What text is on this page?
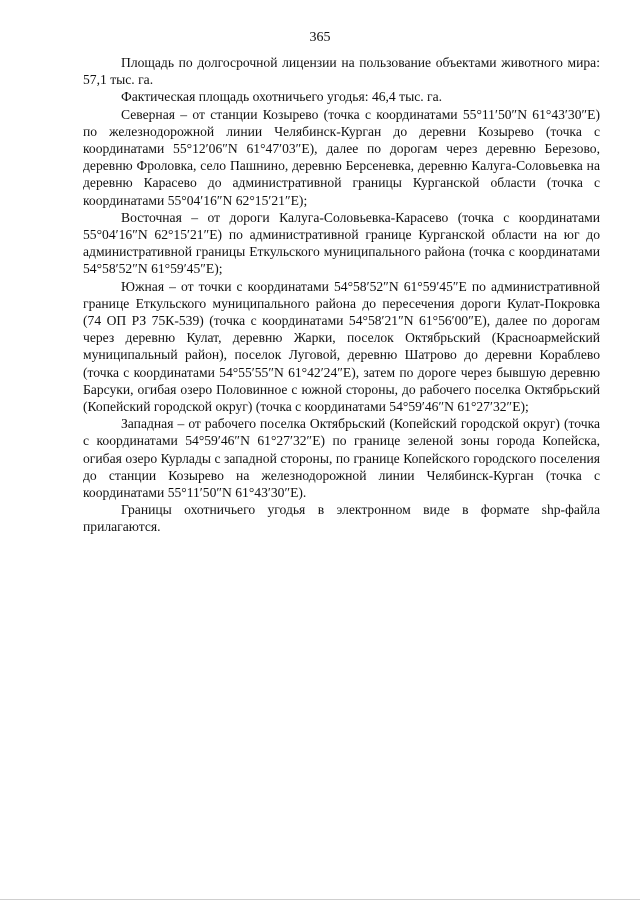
365

Площадь по долгосрочной лицензии на пользование объектами животного мира: 57,1 тыс. га.

Фактическая площадь охотничьего угодья: 46,4 тыс. га.

Северная – от станции Козырево (точка с координатами 55°11′50″N 61°43′30″E) по железнодорожной линии Челябинск-Курган до деревни Козырево (точка с координатами 55°12′06″N 61°47′03″E), далее по дорогам через деревню Березово, деревню Фроловка, село Пашнино, деревню Берсеневка, деревню Калуга-Соловьевка на деревню Карасево до административной границы Курганской области (точка с координатами 55°04′16″N 62°15′21″E);

Восточная – от дороги Калуга-Соловьевка-Карасево (точка с координатами 55°04′16″N 62°15′21″E) по административной границе Курганской области на юг до административной границы Еткульского муниципального района (точка с координатами 54°58′52″N 61°59′45″E);

Южная – от точки с координатами 54°58′52″N 61°59′45″E по административной границе Еткульского муниципального района до пересечения дороги Кулат-Покровка (74 ОП РЗ 75К-539) (точка с координатами 54°58′21″N 61°56′00″E), далее по дорогам через деревню Кулат, деревню Жарки, поселок Октябрьский (Красноармейский муниципальный район), поселок Луговой, деревню Шатрово до деревни Кораблево (точка с координатами 54°55′55″N 61°42′24″E), затем по дороге через бывшую деревню Барсуки, огибая озеро Половинное с южной стороны, до рабочего поселка Октябрьский (Копейский городской округ) (точка с координатами 54°59′46″N 61°27′32″E);

Западная – от рабочего поселка Октябрьский (Копейский городской округ) (точка с координатами 54°59′46″N 61°27′32″E) по границе зеленой зоны города Копейска, огибая озеро Курлады с западной стороны, по границе Копейского городского поселения до станции Козырево на железнодорожной линии Челябинск-Курган (точка с координатами 55°11′50″N 61°43′30″E).

Границы охотничьего угодья в электронном виде в формате shp-файла прилагаются.
